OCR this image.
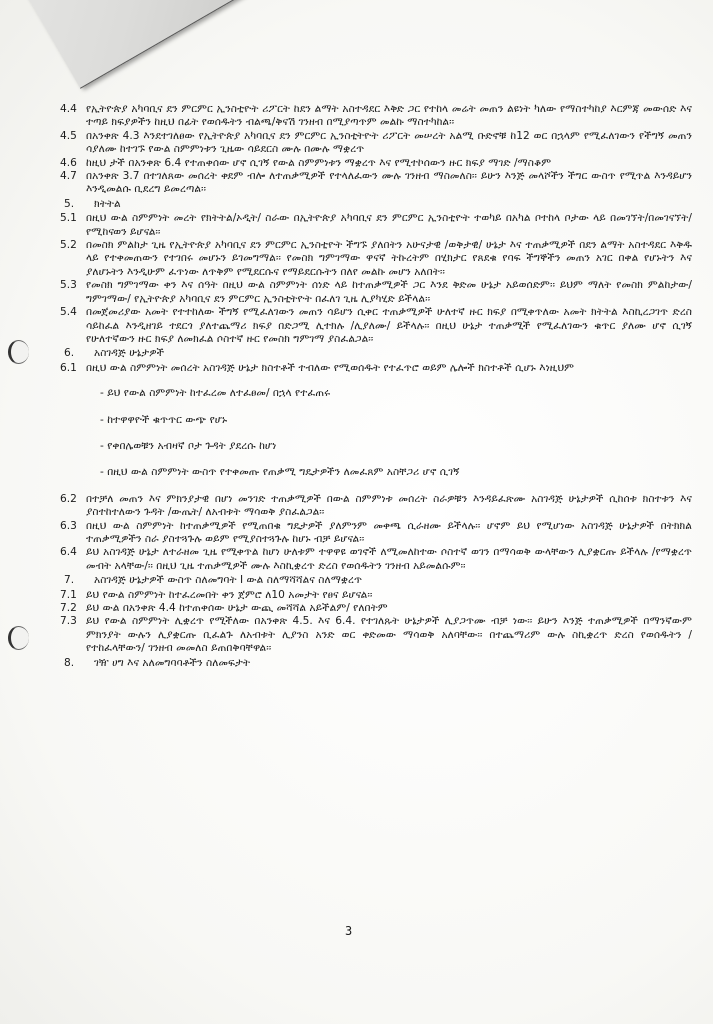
4.4 የኢትዮጵያ አካባቢና ደን ምርምር ኢንስቲዮት ሪፖርት ከደን ልማት አስተዳደር እቅድ ጋር የተከላ መሬት መጠን ልዩነት ካለው የማስተካከያ እርምጃ መውሰድ እና ተጣይ ክፍያዎችን ከዚህ በፊት የወሰዱትን ብልጫ/ቅናሽ ገንዘብ በሚያጣጥም መልኩ ማስተካከል፡፡
4.5 በአንቀጽ 4.3 እንደተገለፀው የኢትዮጵያ አካባቢና ደን ምርምር ኢንስቲትዮት ሪፖርት መሠረት አልሚ ቡድኖቹ ከ12 ወር በኋላም የሚፈለገውን የችግኝ መጠን ሳያለሙ ከተገኙ የውል ስምምነቱን ጊዜው ሳይደርስ ሙሉ በሙሉ ማቋረጥ
4.6 ከዚህ ታች በአንቀጽ 6.4 የተጠቀሰው ሆኖ ሲገኝ የውል ስምምነቱን ማቋረጥ እና የሚተኮሰውን ዙር ክፍያ ማገድ /ማስቆም
4.7 በአንቀጽ 3.7 በተገለጸው መሰረት ቀደም ብሎ ለተጠቃሚዎች የተላለፈውን ሙሉ ገንዘብ ማስመለስ፡፡ ይሁን እንጅ መላሾችን ችግር ውስጥ የሚጥል እንዳይሆን እንዲመልሱ ቢደረግ ይመረጣል፡፡
5.	ክትትል
5.1 በዚህ ውል ስምምነት መረት የክትትል/ኦዲት/ ስራው በኢትዮጵያ አካባቢና ደን ምርምር ኢንስቲዮት ተወካይ በአካል ቦተከላ ቦታው ላይ በመገኘት/በመገናኘት/ የሚከናወን ይሆናል፡፡
5.2 በመስክ ምልከታ ጊዜ የኢትዮጵያ አካባቢና ደን ምርምር ኢንስቲዮት ችግኙ ያለበትን አሁናታዊ /ወቅታዊ/ ሁኔታ እና ተጠቃሚዎች በደን ልማት አስተዳደር እቅዱ ላይ የተቀመጠውን የተገበሩ መሆኑን ይገመግማል፡፡ የመስክ ግምገማው ዋናኛ ትኩረትም በሂክታር የጸደቁ የባፍ ችግኞችን መጠን አገር በቀል የሆኑትን እና ያለሆኑትን እንዲሁም ፈጥነው ለጥቅም የሚደርሱና የማይደርሱትን በለየ መልኩ መሆን አለበት፡፡
5.3 የመስክ ግምገማው ቀን እና ሰዓት በዚህ ውል ስምምነት ሰነድ ላይ ከተጠቃሚዎች ጋር እንደ ቅድመ ሁኔታ አይወሰድም፡፡ ይህም ማለት የመስክ ምልከታው/ግምገማው/ የኢትዮጵያ አካባቢና ደን ምርምር ኢንስቲትዮት በፈለገ ጊዜ ሊያካሂድ ይችላል፡፡
5.4 በመጀመሪያው አመት የተተከለው ችግኝ የሚፈለገውን መጠን ሳይሆን ሲቀር ተጠቃሚዎች ሁለተኛ ዙር ክፍያ በሚቀጥለው አመት ክትትል እስኪረጋገጥ ድረስ ሳይከፈል እንዲዘገይ ተደርጎ ያለተጨማሪ ክፍያ በድጋሚ ሊተክሉ /ሊያለሙ/ ይችላሉ፡፡ በዚህ ሁኔታ ተጠቃሚች የሚፈለገውን ቁጥር ያለሙ ሆኖ ሲገኝ የሁለተኛውን ዙር ክፍያ ለመክፈል ሶስተኛ ዙር የመስክ ግምገማ ያስፈልጋል፡፡
6.	አስገዳጅ ሁኔታዎች
6.1 በዚህ ውል ስምምነት መሰረት አስገዳጅ ሁኔታ ክስተቶች ተብለው የሚወሰዱት የተፈጥሮ ወይም ሌሎች ክስተቶች ሲሆኑ እነዚህም
- ይህ የውል ስምምነት ከተፈረመ ለተፈፀመ/ በኋላ የተፈጠሩ
- ከተዋዋዮች ቁጥጥር ውጭ የሆኑ
- የቀበሌወቹን አብዛኛ ቦታ ጉዳት ያደረሱ ከሆነ
- በዚህ ውል ስምምነት ውስጥ የተቀመጡ የጠቃሚ ግዴታዎችን ለመፈጸም አስቸጋሪ ሆኖ ሲገኝ
6.2 በተቻለ መጠን እና ምክንያታዊ በሆነ መንገድ ተጠቃሚዎች በውል ስምምነቱ መሰረት ስራዎቹን እንዳይፈጽሙ አስገዳጅ ሁኔታዎች ሲከሰቱ ክስተቱን እና ያስተከተለውን ጉዳት /ውጤት/ ለአብቱት ማሳወቅ ያስፈልጋል፡፡
6.3 በዚህ ውል ስምምነት ከተጠቃሚዎች የሚጠበቁ ግዴታዎች ያለምንም መቀጫ ሲራዘሙ ይችላሉ፡፡ ሆኖም ይህ የሚሆነው አስገዳጅ ሁኔታዎች በትክክል ተጠቃሚዎችን ስራ ያስተጓጉሉ ወይም የሚያስተጓጉሉ ከሆኑ ብቻ ይሆናል፡፡
6.4 ይህ አስገዳጅ ሁኔታ ለተራዘመ ጊዜ የሚቀጥል ከሆነ ሁለቱም ተዋዋዩ ወገኖች ለሚመለከተው ሶስተኛ ወገን በማሳወቅ ውላቸውን ሊያቋርጡ ይችላሉ /የማቋረጥ መብት አላቸው/፡፡ በዚህ ጊዜ ተጠቃሚዎች ሙሉ እስኪቋረጥ ድረስ የወሰዱትን ገንዘብ አይመልሱም፡፡
7.	አስገዳጅ ሁኔታዎች ውስጥ ስለመግባት I ውል ስለማሻሻልና ስለማቋረጥ
7.1 ይህ የውል ስምምነት ከተፈረመበት ቀን ጀምሮ ለ10 አመታት የፀና ይሆናል፡፡
7.2 ይህ ውል በአንቀጽ 4.4 ከተጠቀሰው ሁኔታ ውጪ መሻሻል አይችልም/ የለበትም
7.3 ይህ የውል ስምምነት ሊቋረጥ የሚችለው በአንቀጽ 4.5. እና 6.4. የተገለጹት ሁኔታዎች ሊያጋጥሙ ብቻ ነው፡፡ ይሁን እንጅ ተጠቃሚዎች በማንኛውም ምክንያት ውሉን ሊያቋርጡ ቢፈልጉ ለአብቱት ሊያንስ አንድ ወር ቀድመው ማሳወቅ አለባቸው፡፡ በተጨማሪም ውሉ ስኪቋረጥ ድረስ የወሰዱትን /የተከፈላቸውን/ ገንዘብ መመለስ ይጠበቅባቸዋል፡፡
8.	ገዥ ሀግ እና አለመግባባቶችን ስለመፍታት
3
